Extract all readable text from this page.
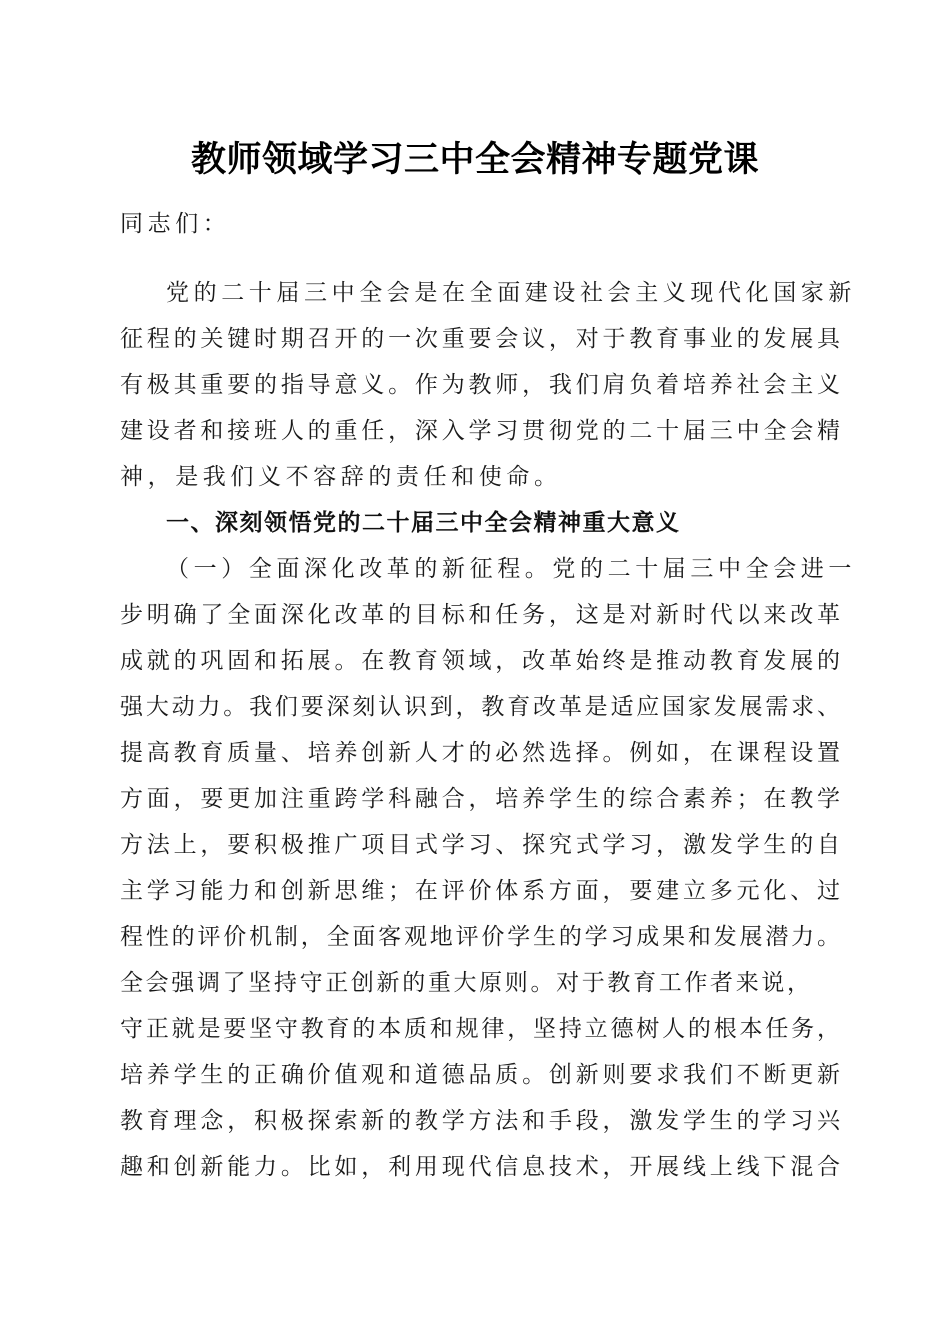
教师领域学习三中全会精神专题党课
同志们：
党的二十届三中全会是在全面建设社会主义现代化国家新
征程的关键时期召开的一次重要会议，对于教育事业的发展具
有极其重要的指导意义。作为教师，我们肩负着培养社会主义
建设者和接班人的重任，深入学习贯彻党的二十届三中全会精
神，是我们义不容辞的责任和使命。
一、深刻领悟党的二十届三中全会精神重大意义
（一）全面深化改革的新征程。党的二十届三中全会进一
步明确了全面深化改革的目标和任务，这是对新时代以来改革
成就的巩固和拓展。在教育领域，改革始终是推动教育发展的
强大动力。我们要深刻认识到，教育改革是适应国家发展需求、
提高教育质量、培养创新人才的必然选择。例如，在课程设置
方面，要更加注重跨学科融合，培养学生的综合素养；在教学
方法上，要积极推广项目式学习、探究式学习，激发学生的自
主学习能力和创新思维；在评价体系方面，要建立多元化、过
程性的评价机制，全面客观地评价学生的学习成果和发展潜力。
全会强调了坚持守正创新的重大原则。对于教育工作者来说，
守正就是要坚守教育的本质和规律，坚持立德树人的根本任务，
培养学生的正确价值观和道德品质。创新则要求我们不断更新
教育理念，积极探索新的教学方法和手段，激发学生的学习兴
趣和创新能力。比如，利用现代信息技术，开展线上线下混合
